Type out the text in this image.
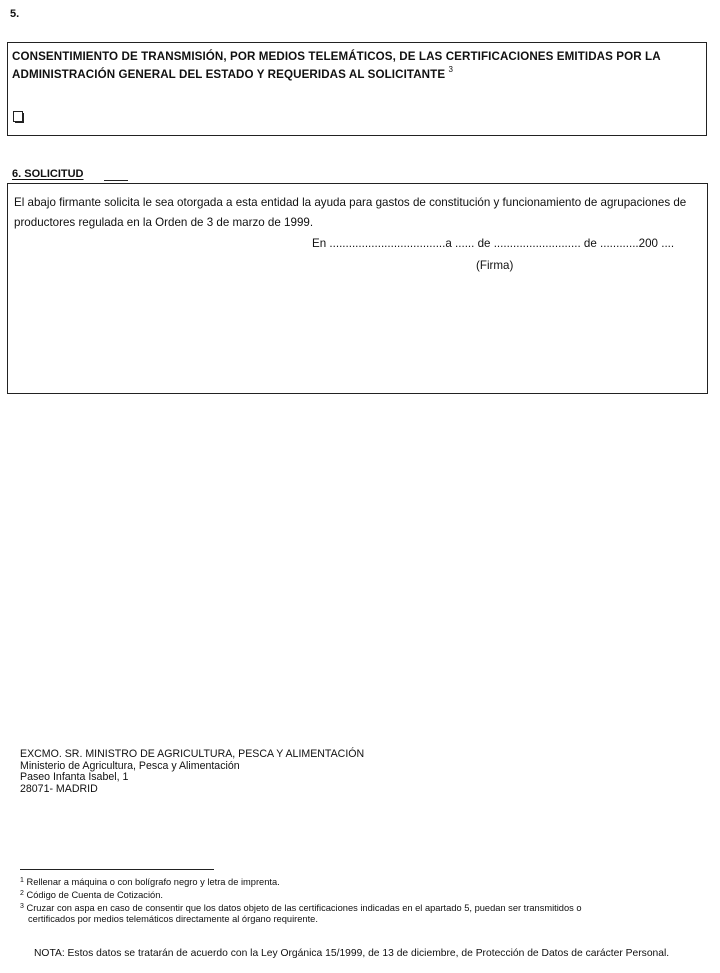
5.
CONSENTIMIENTO DE TRANSMISIÓN, POR MEDIOS TELEMÁTICOS, DE LAS CERTIFICACIONES EMITIDAS POR LA ADMINISTRACIÓN GENERAL DEL ESTADO Y REQUERIDAS AL SOLICITANTE $^3$
6. SOLICITUD
El abajo firmante solicita le sea otorgada a esta entidad la ayuda para gastos de constitución y funcionamiento de agrupaciones de productores regulada en la Orden de 3 de marzo de 1999.
En ....................................a ...... de ........................... de ............200 ....
(Firma)
EXCMO. SR. MINISTRO DE AGRICULTURA, PESCA Y ALIMENTACIÓN
Ministerio de Agricultura, Pesca y Alimentación
Paseo Infanta Isabel, 1
28071- MADRID

$^1$ Rellenar a máquina o con bolígrafo negro y letra de imprenta.

$^2$ Código de Cuenta de Cotización.

$^3$ Cruzar con aspa en caso de consentir que los datos objeto de las certificaciones indicadas en el apartado 5, puedan ser transmitidos o

certificados por medios telemáticos directamente al órgano requirente.

NOTA: Estos datos se tratarán de acuerdo con la Ley Orgánica 15/1999, de 13 de diciembre, de Protección de Datos de carácter Personal.
